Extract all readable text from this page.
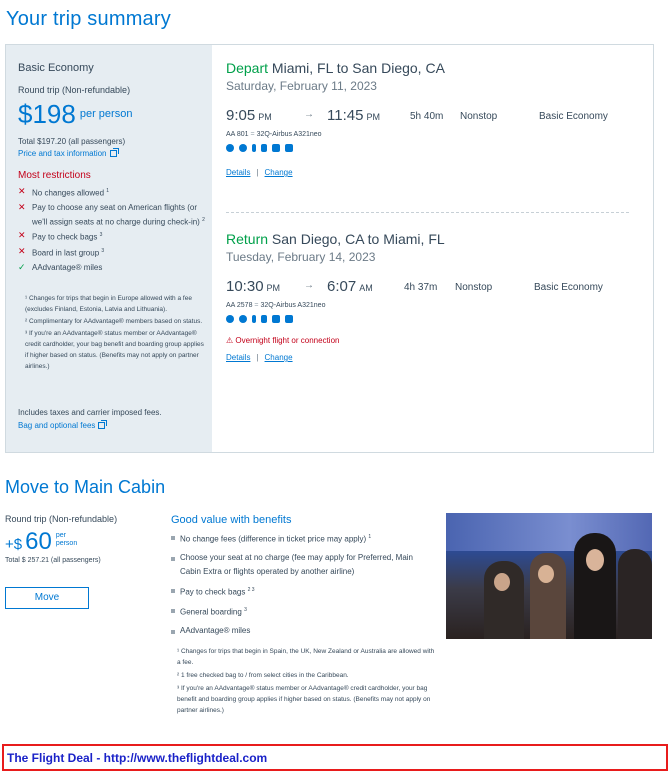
Your trip summary
Basic Economy
Round trip (Non-refundable)
$198 $^{per person}$
Total $197.20 (all passengers)
Price and tax information
Most restrictions
✕ No changes allowed $^1$
✕ Pay to choose any seat on American flights (or we'll assign seats at no charge during check-in) $^2$
✕ Pay to check bags $^3$
✕ Board in last group $^3$
✓ AAdvantage® miles

¹ Changes for trips that begin in Europe allowed with a fee (excludes Finland, Estonia, Latvia and Lithuania).

² Complimentary for AAdvantage® members based on status.

³ If you're an AAdvantage® status member or AAdvantage® credit cardholder, your bag benefit and boarding group applies if higher based on status. (Benefits may not apply on partner airlines.)

Includes taxes and carrier imposed fees.
Bag and optional fees
Depart Miami, FL to San Diego, CA
Saturday, February 11, 2023
9:05 PM	→ 11:45 PM	5h 40m Nonstop	Basic Economy
AA 801 = 32Q-Airbus A321neo
Details | Change
Return San Diego, CA to Miami, FL
Tuesday, February 14, 2023
10:30 PM → 6:07 AM	4h 37m Nonstop	Basic Economy
AA 2578 = 32Q-Airbus A321neo
⚠ Overnight flight or connection
Details | Change
Move to Main Cabin
Round trip (Non-refundable)
+$ 60 per
person
Total $ 257.21 (all passengers)
Move
Good value with benefits
No change fees (difference in ticket price may apply) $^1$
Choose your seat at no charge (fee may apply for Preferred, Main Cabin Extra or flights operated by another airline)
Pay to check bags $^{2 3}$
General boarding $^3$
AAdvantage® miles

¹ Changes for trips that begin in Spain, the UK, New Zealand or Australia are allowed with a fee.

² 1 free checked bag to / from select cities in the Caribbean.

³ If you're an AAdvantage® status member or AAdvantage® credit cardholder, your bag benefit and boarding group applies if higher based on status. (Benefits may not apply on partner airlines.)

The Flight Deal - http://www.theflightdeal.com
